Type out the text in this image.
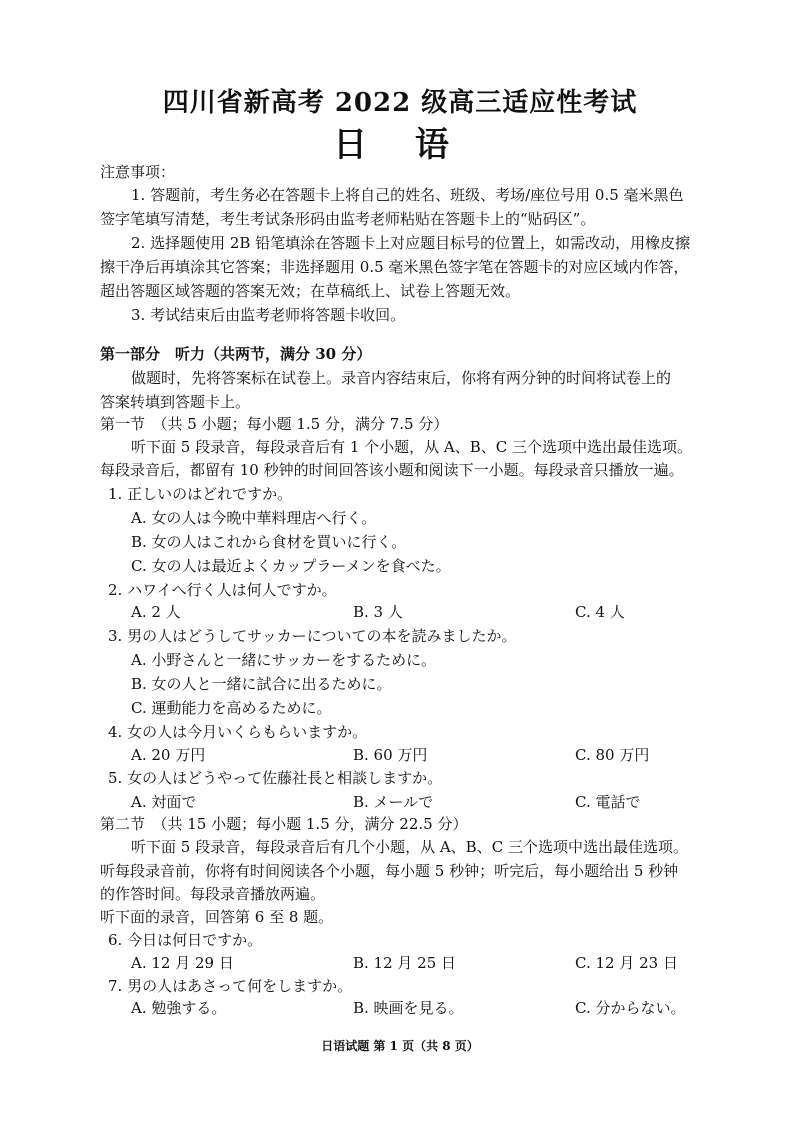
四川省新高考 2022 级高三适应性考试
日 语
注意事项：
1. 答题前，考生务必在答题卡上将自己的姓名、班级、考场/座位号用 0.5 毫米黑色
签字笔填写清楚，考生考试条形码由监考老师粘贴在答题卡上的“贴码区”。
2. 选择题使用 2B 铅笔填涂在答题卡上对应题目标号的位置上，如需改动，用橡皮擦
擦干净后再填涂其它答案；非选择题用 0.5 毫米黑色签字笔在答题卡的对应区域内作答，
超出答题区域答题的答案无效；在草稿纸上、试卷上答题无效。
3. 考试结束后由监考老师将答题卡收回。
第一部分　听力（共两节，满分 30 分）
做题时，先将答案标在试卷上。录音内容结束后，你将有两分钟的时间将试卷上的
答案转填到答题卡上。
第一节　（共 5 小题；每小题 1.5 分，满分 7.5 分）
听下面 5 段录音，每段录音后有 1 个小题，从 A、B、C 三个选项中选出最佳选项。
每段录音后，都留有 10 秒钟的时间回答该小题和阅读下一小题。每段录音只播放一遍。
1. 正しいのはどれですか。
A. 女の人は今晩中華料理店へ行く。
B. 女の人はこれから食材を買いに行く。
C. 女の人は最近よくカップラーメンを食べた。
2. ハワイへ行く人は何人ですか。
A. 2 人	B. 3 人	C. 4 人
3. 男の人はどうしてサッカーについての本を読みましたか。
A. 小野さんと一緒にサッカーをするために。
B. 女の人と一緒に試合に出るために。
C. 運動能力を高めるために。
4. 女の人は今月いくらもらいますか。
A. 20 万円	B. 60 万円	C. 80 万円
5. 女の人はどうやって佐藤社長と相談しますか。
A. 対面で	B. メールで	C. 電話で
第二节　（共 15 小题；每小题 1.5 分，满分 22.5 分）
听下面 5 段录音，每段录音后有几个小题，从 A、B、C 三个选项中选出最佳选项。
听每段录音前，你将有时间阅读各个小题，每小题 5 秒钟；听完后，每小题给出 5 秒钟
的作答时间。每段录音播放两遍。
听下面的录音，回答第 6 至 8 题。
6. 今日は何日ですか。
A. 12 月 29 日	B. 12 月 25 日	C. 12 月 23 日
7. 男の人はあさって何をしますか。
A. 勉強する。	B. 映画を見る。	C. 分からない。
日语试题 第 1 页（共 8 页）
